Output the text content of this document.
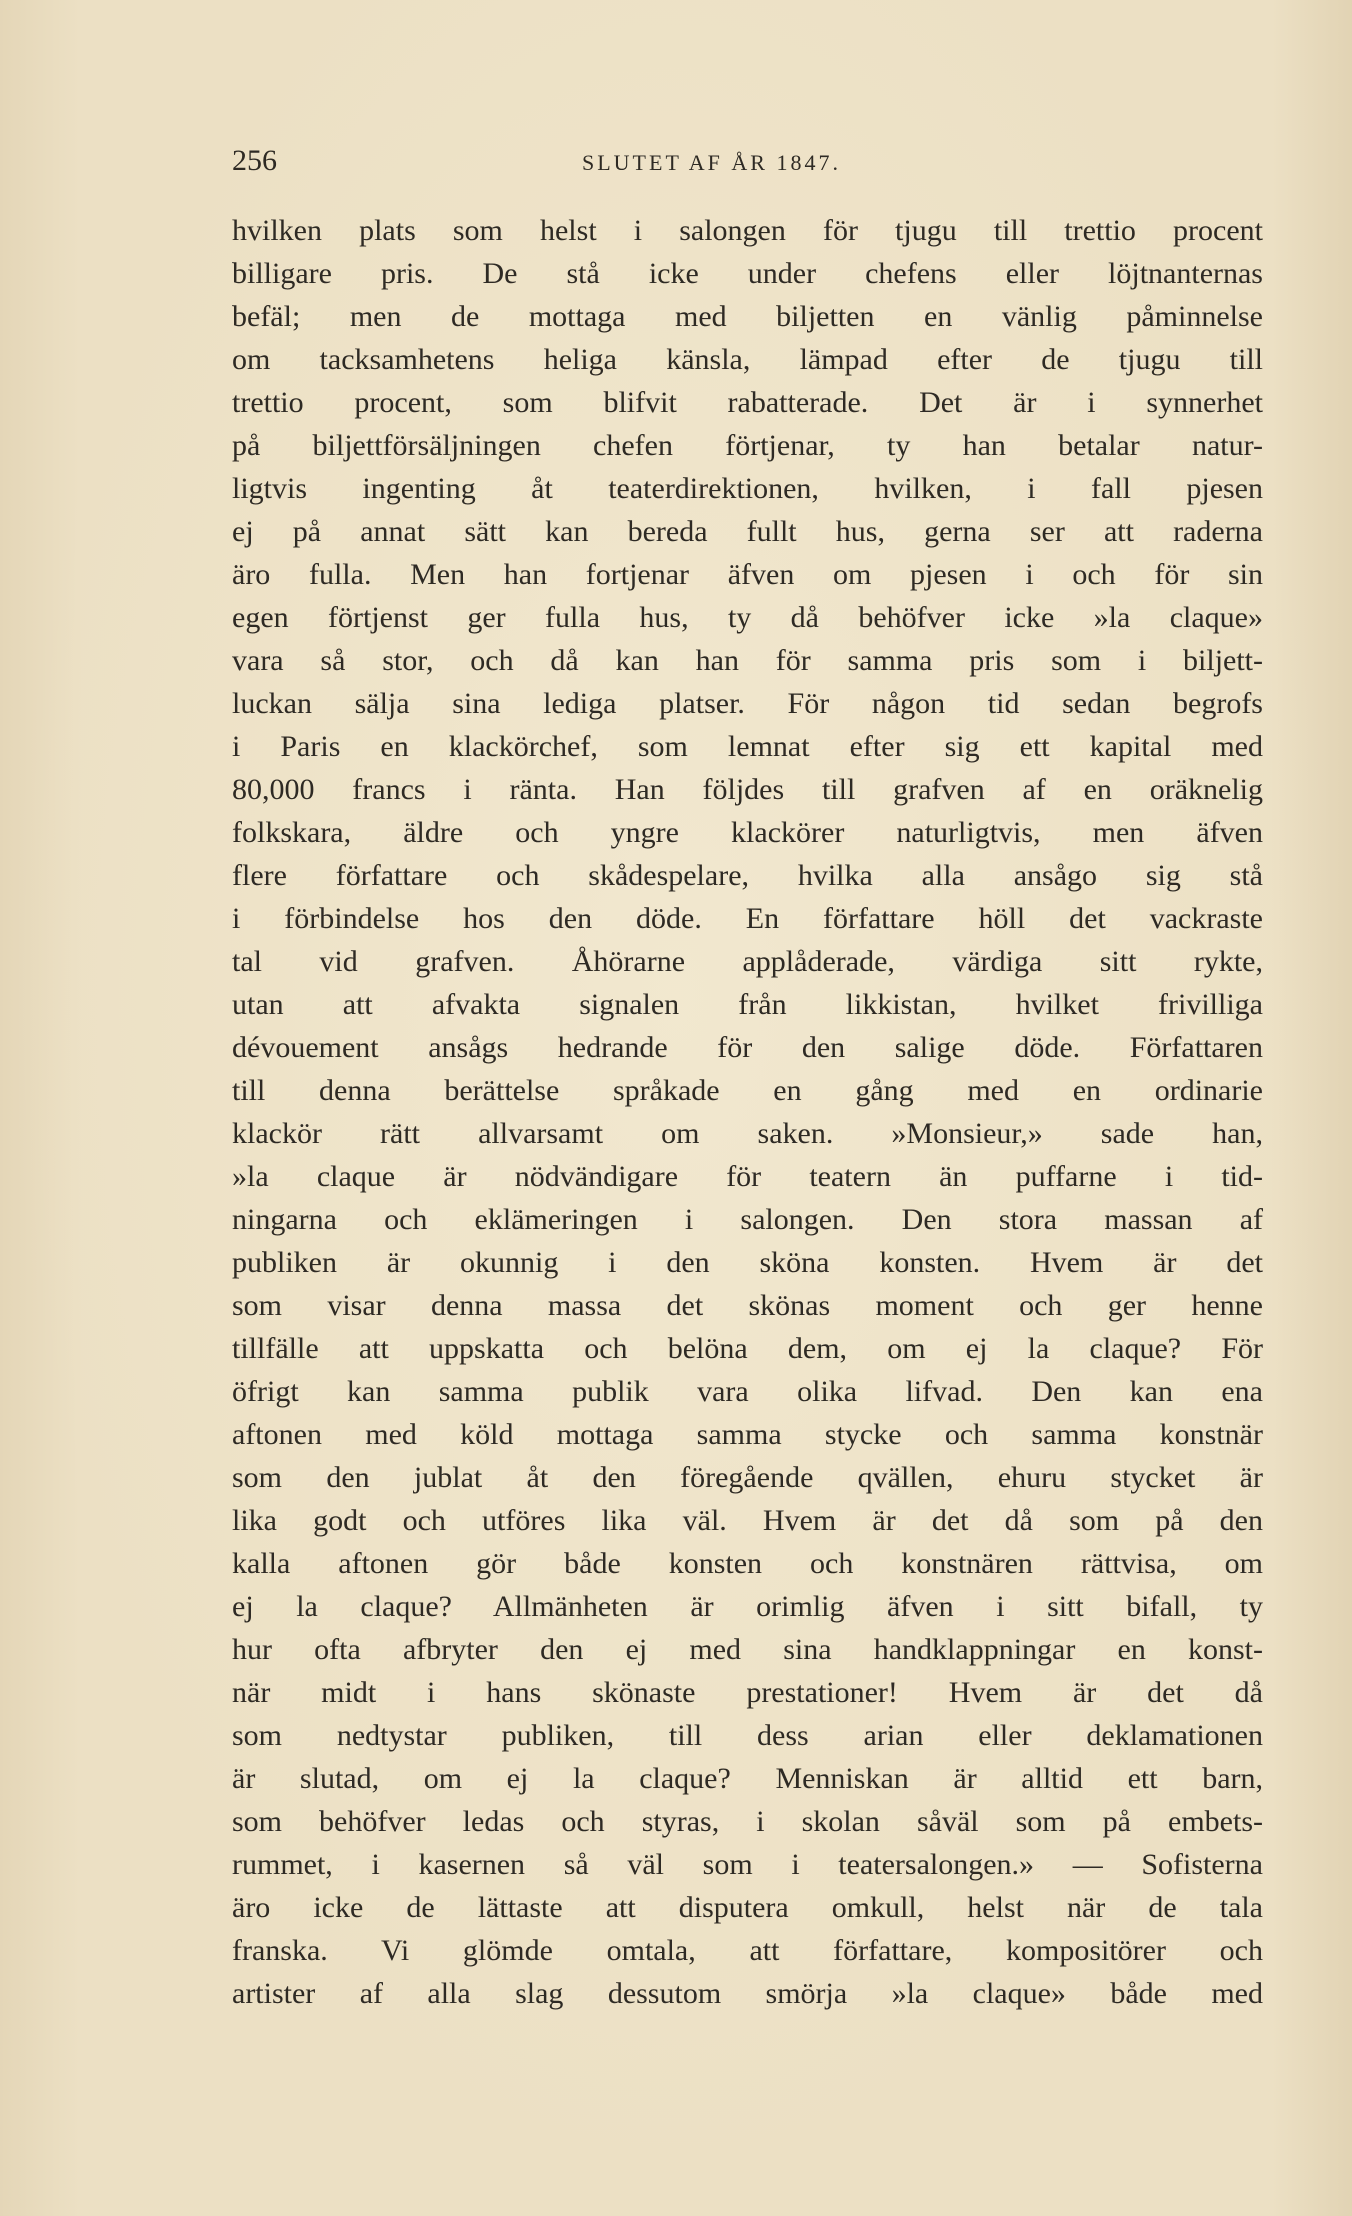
256	SLUTET AF ÅR 1847.
hvilken plats som helst i salongen för tjugu till trettio procent
billigare pris. De stå icke under chefens eller löjtnanternas
befäl; men de mottaga med biljetten en vänlig påminnelse
om tacksamhetens heliga känsla, lämpad efter de tjugu till
trettio procent, som blifvit rabatterade. Det är i synnerhet
på biljettförsäljningen chefen förtjenar, ty han betalar natur-
ligtvis ingenting åt teaterdirektionen, hvilken, i fall pjesen
ej på annat sätt kan bereda fullt hus, gerna ser att raderna
äro fulla. Men han fortjenar äfven om pjesen i och för sin
egen förtjenst ger fulla hus, ty då behöfver icke »la claque»
vara så stor, och då kan han för samma pris som i biljett-
luckan sälja sina lediga platser. För någon tid sedan begrofs
i Paris en klackörchef, som lemnat efter sig ett kapital med
80,000 francs i ränta. Han följdes till grafven af en oräknelig
folkskara, äldre och yngre klackörer naturligtvis, men äfven
flere författare och skådespelare, hvilka alla ansågo sig stå
i förbindelse hos den döde. En författare höll det vackraste
tal vid grafven. Åhörarne applåderade, värdiga sitt rykte,
utan att afvakta signalen från likkistan, hvilket frivilliga
dévouement ansågs hedrande för den salige döde. Författaren
till denna berättelse språkade en gång med en ordinarie
klackör rätt allvarsamt om saken. »Monsieur,» sade han,
»la claque är nödvändigare för teatern än puffarne i tid-
ningarna och eklämeringen i salongen. Den stora massan af
publiken är okunnig i den sköna konsten. Hvem är det
som visar denna massa det skönas moment och ger henne
tillfälle att uppskatta och belöna dem, om ej la claque? För
öfrigt kan samma publik vara olika lifvad. Den kan ena
aftonen med köld mottaga samma stycke och samma konstnär
som den jublat åt den föregående qvällen, ehuru stycket är
lika godt och utföres lika väl. Hvem är det då som på den
kalla aftonen gör både konsten och konstnären rättvisa, om
ej la claque? Allmänheten är orimlig äfven i sitt bifall, ty
hur ofta afbryter den ej med sina handklappningar en konst-
när midt i hans skönaste prestationer! Hvem är det då
som nedtystar publiken, till dess arian eller deklamationen
är slutad, om ej la claque? Menniskan är alltid ett barn,
som behöfver ledas och styras, i skolan såväl som på embets-
rummet, i kasernen så väl som i teatersalongen.» — Sofisterna
äro icke de lättaste att disputera omkull, helst när de tala
franska. Vi glömde omtala, att författare, kompositörer och
artister af alla slag dessutom smörja »la claque» både med
